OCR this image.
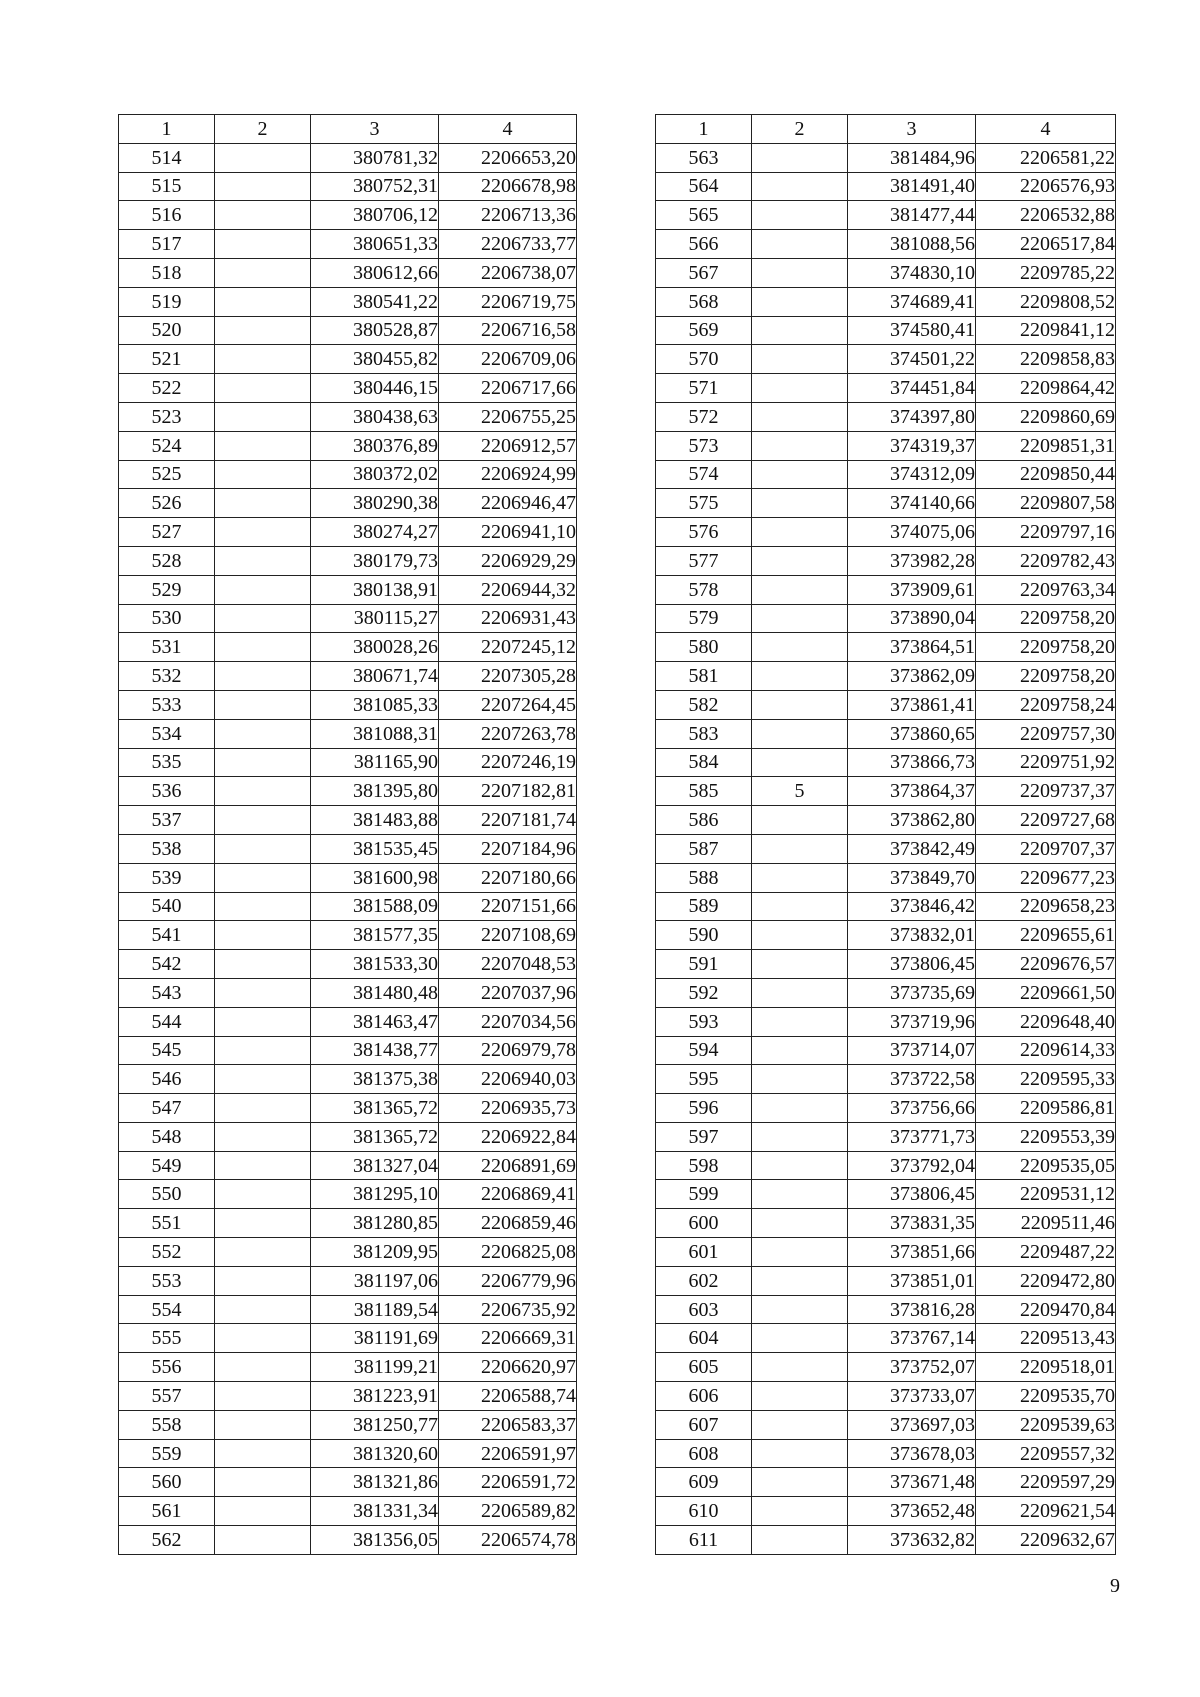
1	2	3	4
514		380781,32	2206653,20
515		380752,31	2206678,98
516		380706,12	2206713,36
517		380651,33	2206733,77
518		380612,66	2206738,07
519		380541,22	2206719,75
520		380528,87	2206716,58
521		380455,82	2206709,06
522		380446,15	2206717,66
523		380438,63	2206755,25
524		380376,89	2206912,57
525		380372,02	2206924,99
526		380290,38	2206946,47
527		380274,27	2206941,10
528		380179,73	2206929,29
529		380138,91	2206944,32
530		380115,27	2206931,43
531		380028,26	2207245,12
532		380671,74	2207305,28
533		381085,33	2207264,45
534		381088,31	2207263,78
535		381165,90	2207246,19
536		381395,80	2207182,81
537		381483,88	2207181,74
538		381535,45	2207184,96
539		381600,98	2207180,66
540		381588,09	2207151,66
541		381577,35	2207108,69
542		381533,30	2207048,53
543		381480,48	2207037,96
544		381463,47	2207034,56
545		381438,77	2206979,78
546		381375,38	2206940,03
547		381365,72	2206935,73
548		381365,72	2206922,84
549		381327,04	2206891,69
550		381295,10	2206869,41
551		381280,85	2206859,46
552		381209,95	2206825,08
553		381197,06	2206779,96
554		381189,54	2206735,92
555		381191,69	2206669,31
556		381199,21	2206620,97
557		381223,91	2206588,74
558		381250,77	2206583,37
559		381320,60	2206591,97
560		381321,86	2206591,72
561		381331,34	2206589,82
562		381356,05	2206574,78
1	2	3	4
563		381484,96	2206581,22
564		381491,40	2206576,93
565		381477,44	2206532,88
566		381088,56	2206517,84
567		374830,10	2209785,22
568		374689,41	2209808,52
569		374580,41	2209841,12
570		374501,22	2209858,83
571		374451,84	2209864,42
572		374397,80	2209860,69
573		374319,37	2209851,31
574		374312,09	2209850,44
575		374140,66	2209807,58
576		374075,06	2209797,16
577		373982,28	2209782,43
578		373909,61	2209763,34
579		373890,04	2209758,20
580		373864,51	2209758,20
581		373862,09	2209758,20
582		373861,41	2209758,24
583		373860,65	2209757,30
584		373866,73	2209751,92
585	5	373864,37	2209737,37
586		373862,80	2209727,68
587		373842,49	2209707,37
588		373849,70	2209677,23
589		373846,42	2209658,23
590		373832,01	2209655,61
591		373806,45	2209676,57
592		373735,69	2209661,50
593		373719,96	2209648,40
594		373714,07	2209614,33
595		373722,58	2209595,33
596		373756,66	2209586,81
597		373771,73	2209553,39
598		373792,04	2209535,05
599		373806,45	2209531,12
600		373831,35	2209511,46
601		373851,66	2209487,22
602		373851,01	2209472,80
603		373816,28	2209470,84
604		373767,14	2209513,43
605		373752,07	2209518,01
606		373733,07	2209535,70
607		373697,03	2209539,63
608		373678,03	2209557,32
609		373671,48	2209597,29
610		373652,48	2209621,54
611		373632,82	2209632,67
9
